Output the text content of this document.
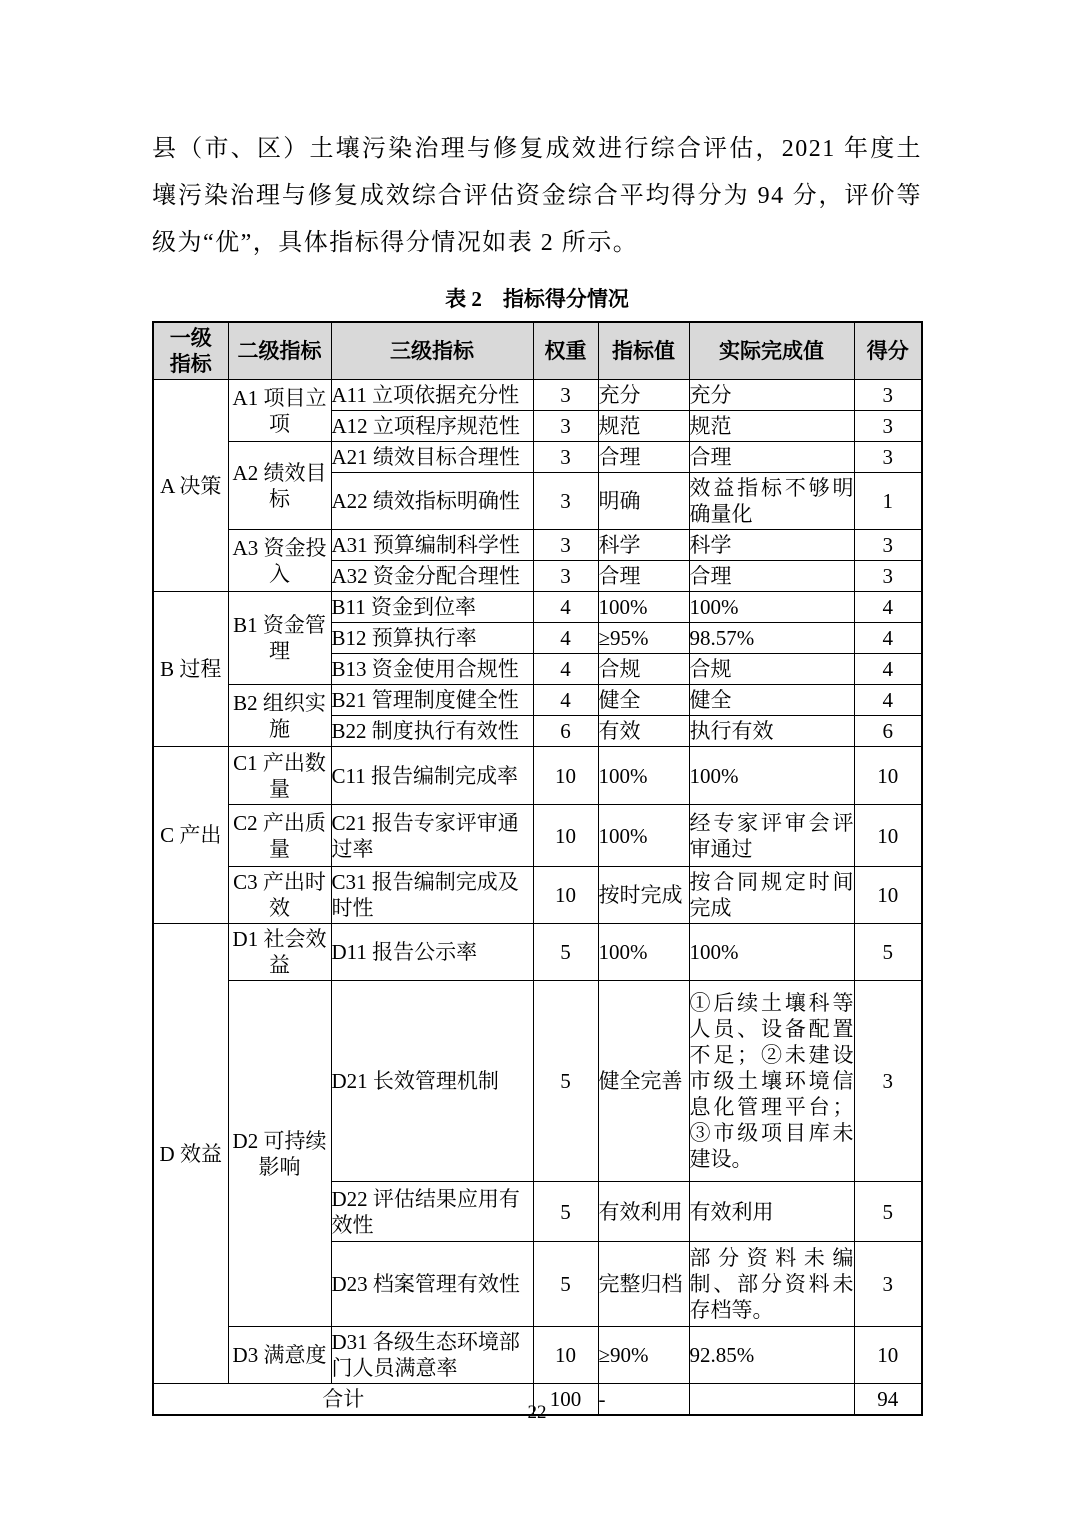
县（市、区）土壤污染治理与修复成效进行综合评估，2021 年度土壤污染治理与修复成效综合评估资金综合平均得分为 94 分，评价等级为“优”，具体指标得分情况如表 2 所示。

表 2　指标得分情况
一级指标	二级指标	三级指标	权重	指标值	实际完成值	得分
A 决策	A1 项目立项	A11 立项依据充分性	3	充分	充分	3
		A12 立项程序规范性	3	规范	规范	3
	A2 绩效目标	A21 绩效目标合理性	3	合理	合理	3
		A22 绩效指标明确性	3	明确	效益指标不够明确量化	1
	A3 资金投入	A31 预算编制科学性	3	科学	科学	3
		A32 资金分配合理性	3	合理	合理	3
B 过程	B1 资金管理	B11 资金到位率	4	100%	100%	4
		B12 预算执行率	4	≥95%	98.57%	4
		B13 资金使用合规性	4	合规	合规	4
	B2 组织实施	B21 管理制度健全性	4	健全	健全	4
		B22 制度执行有效性	6	有效	执行有效	6
C 产出	C1 产出数量	C11 报告编制完成率	10	100%	100%	10
	C2 产出质量	C21 报告专家评审通过率	10	100%	经专家评审会评审通过	10
	C3 产出时效	C31 报告编制完成及时性	10	按时完成	按合同规定时间完成	10
D 效益	D1 社会效益	D11 报告公示率	5	100%	100%	5
	D2 可持续影响	D21 长效管理机制	5	健全完善	①后续土壤科等人员、设备配置不足；②未建设市级土壤环境信息化管理平台；③市级项目库未建设。	3
		D22 评估结果应用有效性	5	有效利用	有效利用	5
		D23 档案管理有效性	5	完整归档	部分资料未编制、部分资料未存档等。	3
	D3 满意度	D31 各级生态环境部门人员满意率	10	≥90%	92.85%	10
合计			100	-		94
22
